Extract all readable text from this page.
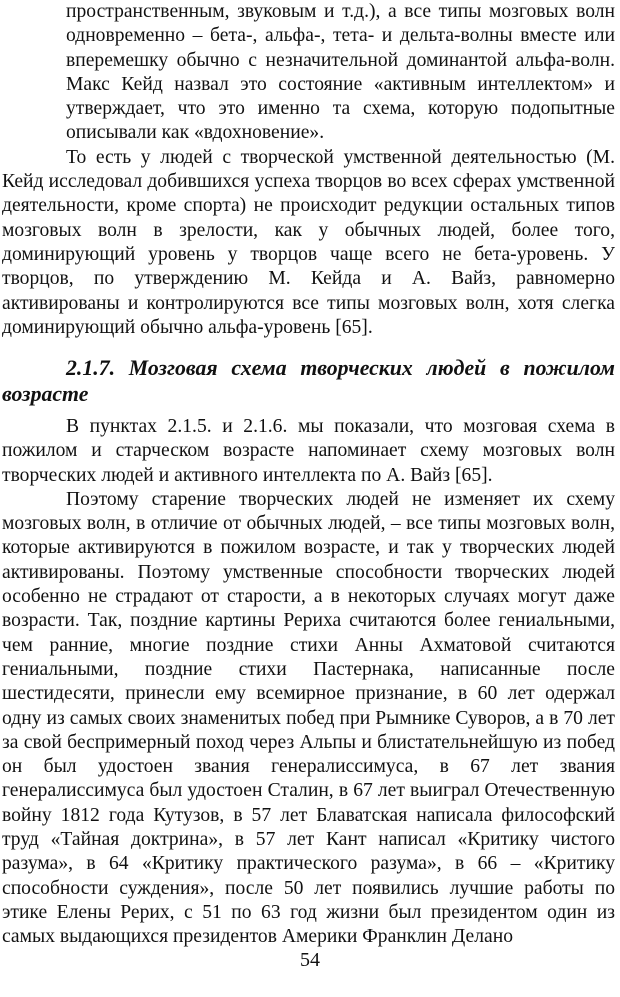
пространственным, звуковым и т.д.), а все типы мозговых волн одновременно – бета-, альфа-, тета- и дельта-волны вместе или вперемешку обычно с незначительной доминантой альфа-волн. Макс Кейд назвал это состояние «активным интеллектом» и утверждает, что это именно та схема, которую подопытные описывали как «вдохновение».

То есть у людей с творческой умственной деятельностью (М. Кейд исследовал добившихся успеха творцов во всех сферах умственной деятельности, кроме спорта) не происходит редукции остальных типов мозговых волн в зрелости, как у обычных людей, более того, доминирующий уровень у творцов чаще всего не бета-уровень. У творцов, по утверждению М. Кейда и А. Вайз, равномерно активированы и контролируются все типы мозговых волн, хотя слегка доминирующий обычно альфа-уровень [65].

2.1.7. Мозговая схема творческих людей в пожилом возрасте

В пунктах 2.1.5. и 2.1.6. мы показали, что мозговая схема в пожилом и старческом возрасте напоминает схему мозговых волн творческих людей и активного интеллекта по А. Вайз [65].

Поэтому старение творческих людей не изменяет их схему мозговых волн, в отличие от обычных людей, – все типы мозговых волн, которые активируются в пожилом возрасте, и так у творческих людей активированы. Поэтому умственные способности творческих людей особенно не страдают от старости, а в некоторых случаях могут даже возрасти. Так, поздние картины Рериха считаются более гениальными, чем ранние, многие поздние стихи Анны Ахматовой считаются гениальными, поздние стихи Пастернака, написанные после шестидесяти, принесли ему всемирное признание, в 60 лет одержал одну из самых своих знаменитых побед при Рымнике Суворов, а в 70 лет за свой беспримерный поход через Альпы и блистательнейшую из побед он был удостоен звания генералиссимуса, в 67 лет звания генералиссимуса был удостоен Сталин, в 67 лет выиграл Отечественную войну 1812 года Кутузов, в 57 лет Блаватская написала философский труд «Тайная доктрина», в 57 лет Кант написал «Критику чистого разума», в 64 «Критику практического разума», в 66 – «Критику способности суждения», после 50 лет появились лучшие работы по этике Елены Рерих, с 51 по 63 год жизни был президентом один из самых выдающихся президентов Америки Франклин Делано

54
